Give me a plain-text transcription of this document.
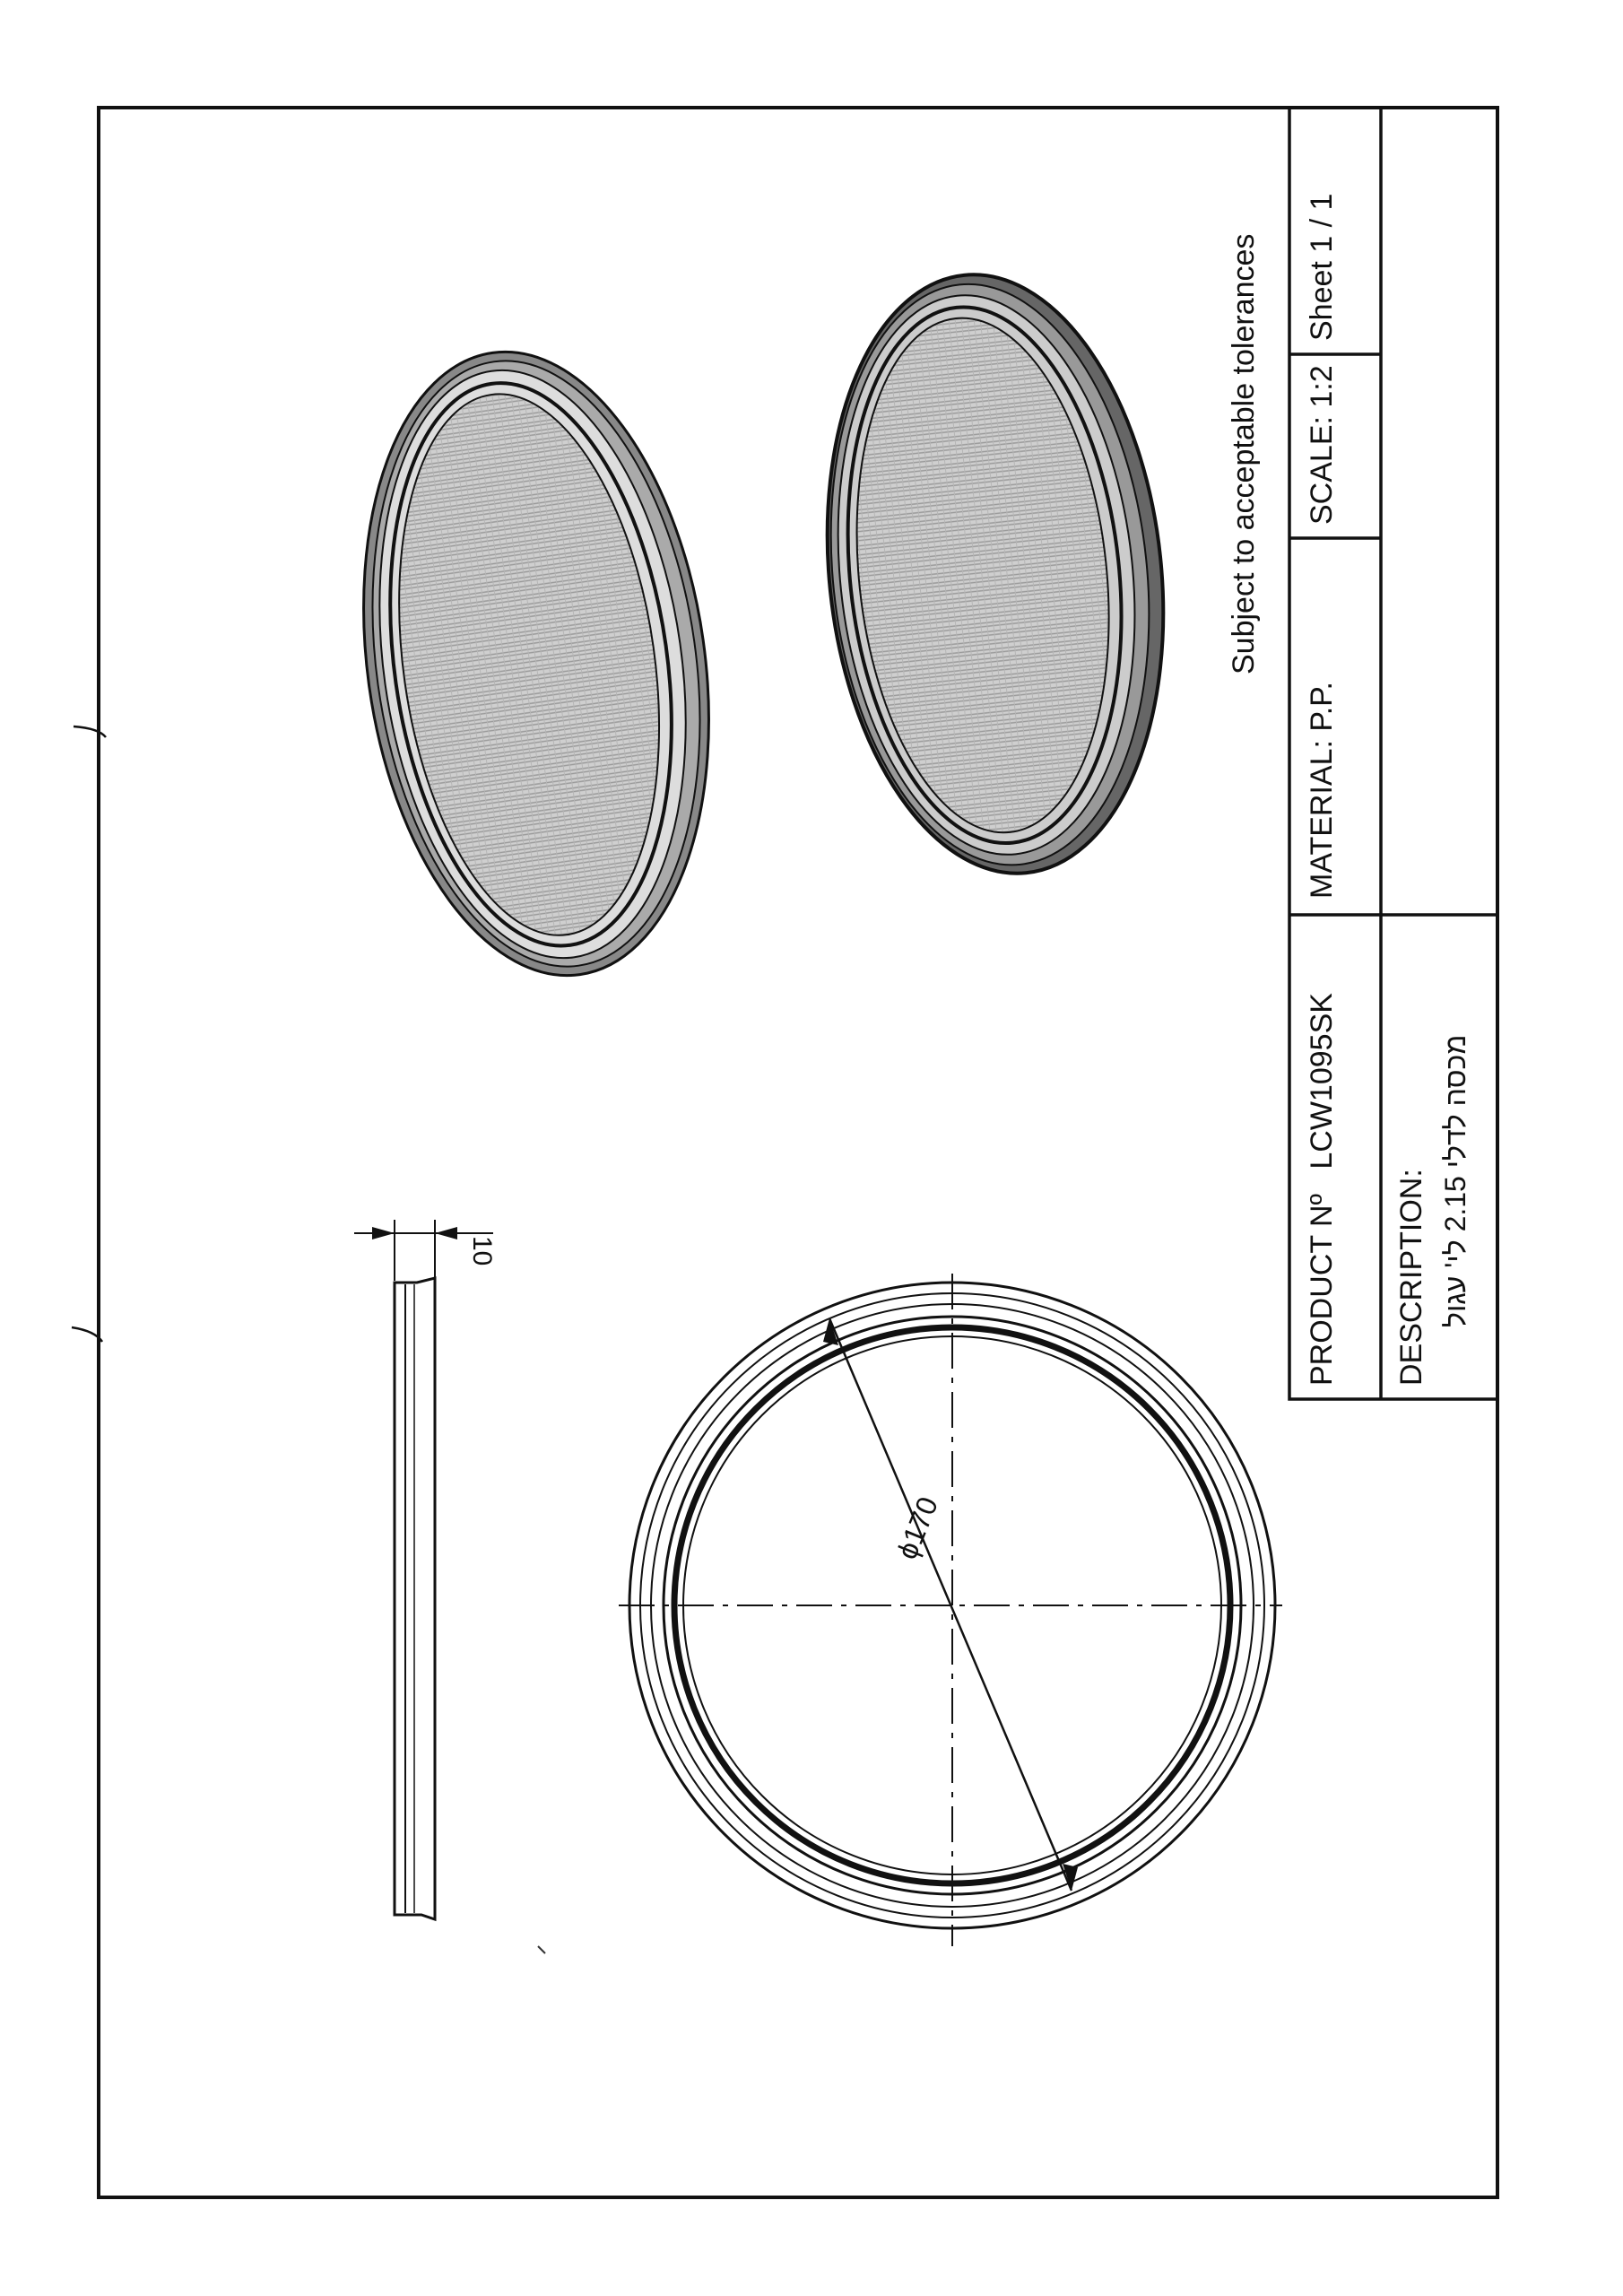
PRODUCT Nº LCW1095SK
MATERIAL: P.P.
SCALE: 1:2
Sheet 1 / 1
DESCRIPTION: מכסה לדלי 2.15 לי' עגול
Subject to acceptable tolerances
ϕ170
10
